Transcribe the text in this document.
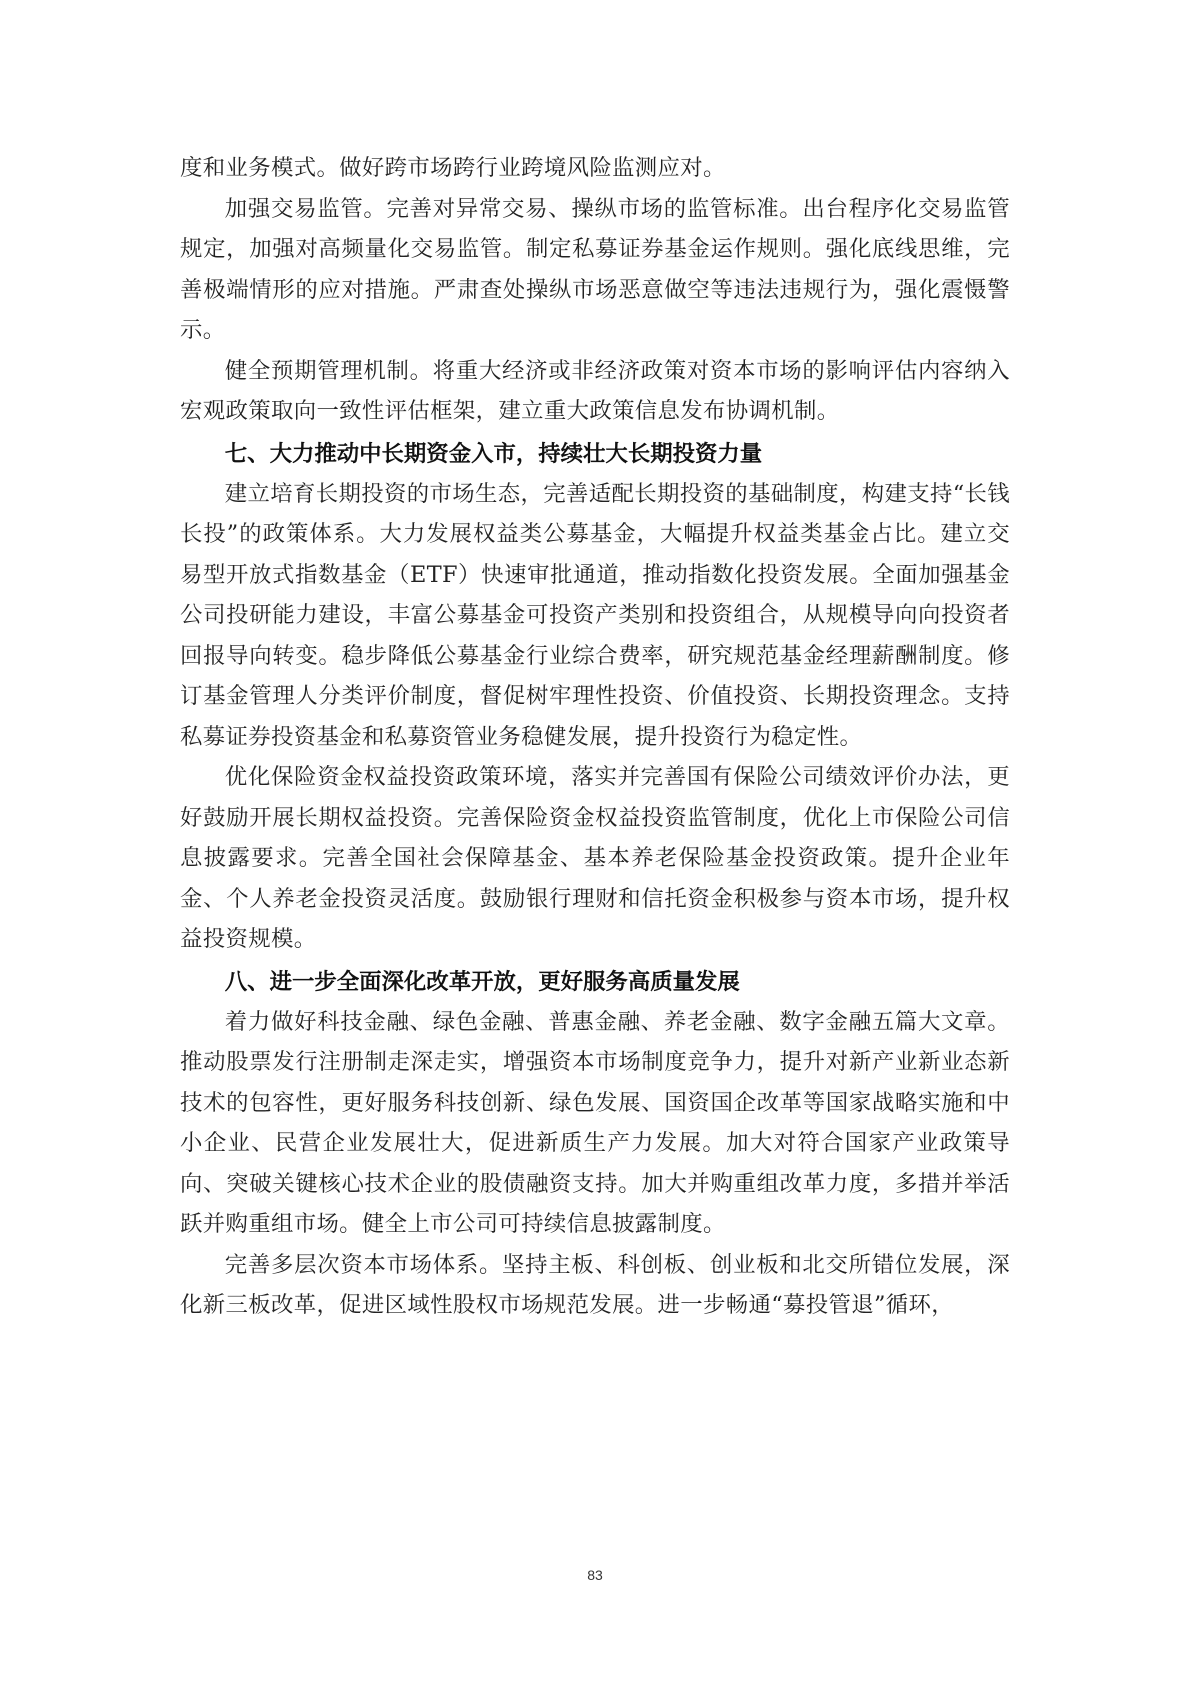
度和业务模式。做好跨市场跨行业跨境风险监测应对。

加强交易监管。完善对异常交易、操纵市场的监管标准。出台程序化交易监管规定，加强对高频量化交易监管。制定私募证券基金运作规则。强化底线思维，完善极端情形的应对措施。严肃查处操纵市场恶意做空等违法违规行为，强化震慑警示。

健全预期管理机制。将重大经济或非经济政策对资本市场的影响评估内容纳入宏观政策取向一致性评估框架，建立重大政策信息发布协调机制。

七、大力推动中长期资金入市，持续壮大长期投资力量

建立培育长期投资的市场生态，完善适配长期投资的基础制度，构建支持“长钱长投”的政策体系。大力发展权益类公募基金，大幅提升权益类基金占比。建立交易型开放式指数基金（ETF）快速审批通道，推动指数化投资发展。全面加强基金公司投研能力建设，丰富公募基金可投资产类别和投资组合，从规模导向向投资者回报导向转变。稳步降低公募基金行业综合费率，研究规范基金经理薪酬制度。修订基金管理人分类评价制度，督促树牢理性投资、价值投资、长期投资理念。支持私募证券投资基金和私募资管业务稳健发展，提升投资行为稳定性。

优化保险资金权益投资政策环境，落实并完善国有保险公司绩效评价办法，更好鼓励开展长期权益投资。完善保险资金权益投资监管制度，优化上市保险公司信息披露要求。完善全国社会保障基金、基本养老保险基金投资政策。提升企业年金、个人养老金投资灵活度。鼓励银行理财和信托资金积极参与资本市场，提升权益投资规模。

八、进一步全面深化改革开放，更好服务高质量发展

着力做好科技金融、绿色金融、普惠金融、养老金融、数字金融五篇大文章。推动股票发行注册制走深走实，增强资本市场制度竞争力，提升对新产业新业态新技术的包容性，更好服务科技创新、绿色发展、国资国企改革等国家战略实施和中小企业、民营企业发展壮大，促进新质生产力发展。加大对符合国家产业政策导向、突破关键核心技术企业的股债融资支持。加大并购重组改革力度，多措并举活跃并购重组市场。健全上市公司可持续信息披露制度。

完善多层次资本市场体系。坚持主板、科创板、创业板和北交所错位发展，深化新三板改革，促进区域性股权市场规范发展。进一步畅通“募投管退”循环，

83
